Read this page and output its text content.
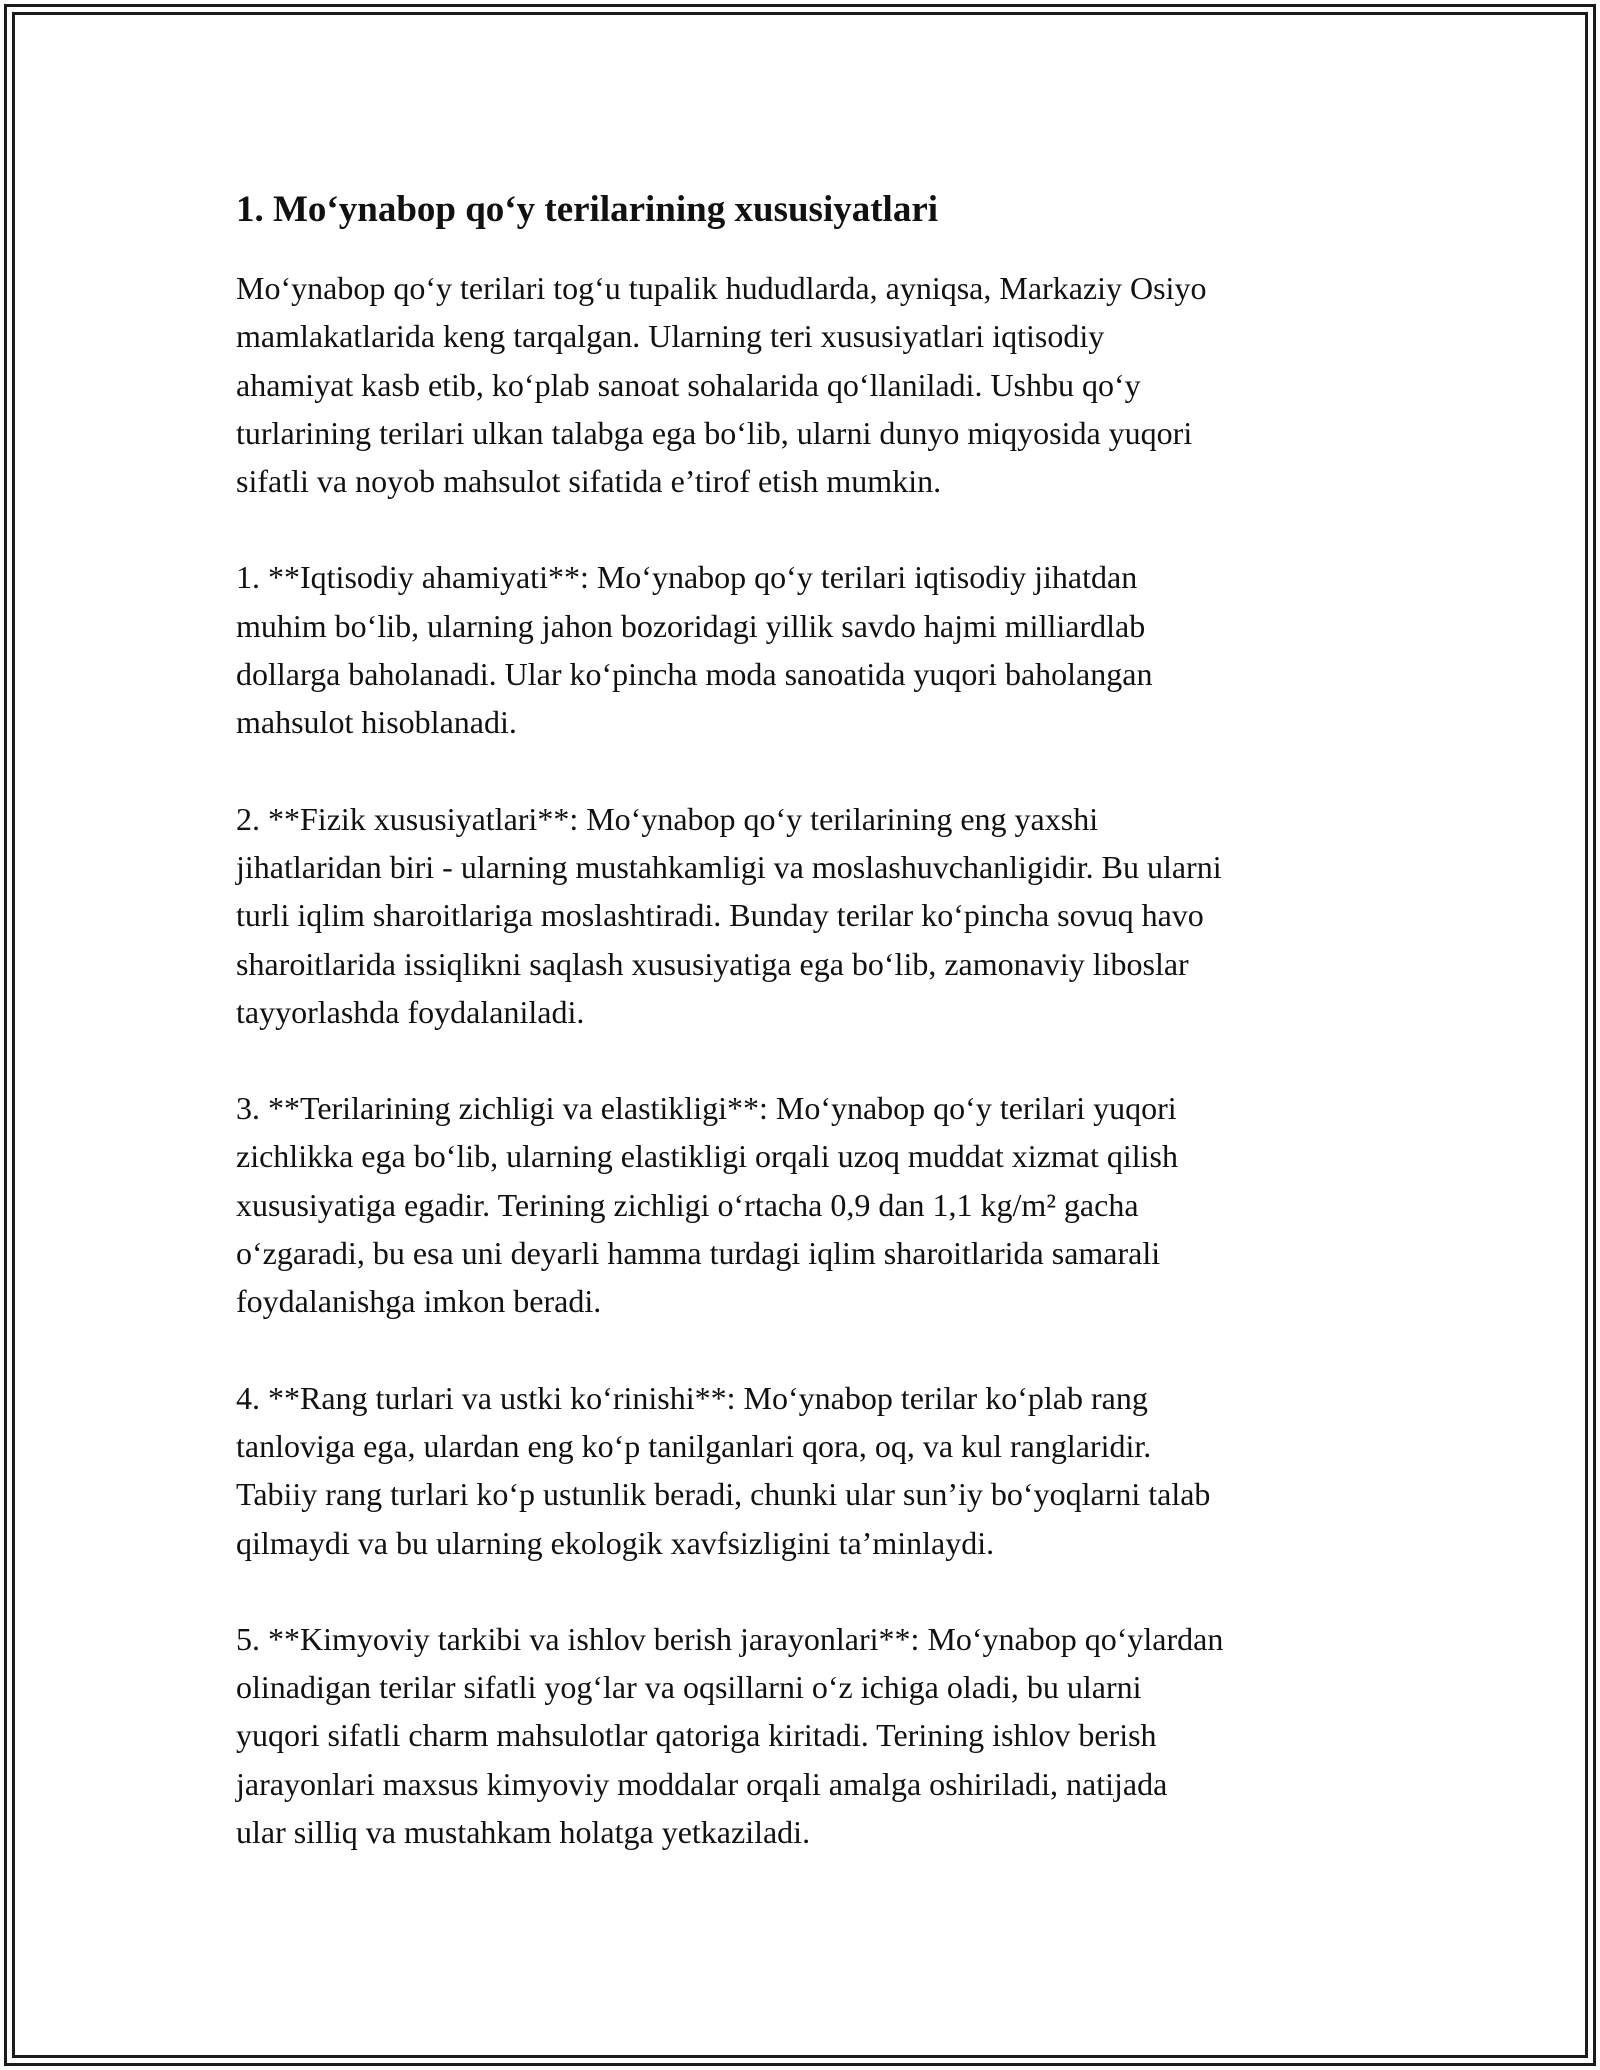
1. Mo‘ynabop qo‘y terilarining xususiyatlari

Mo‘ynabop qo‘y terilari tog‘u tupalik hududlarda, ayniqsa, Markaziy Osiyo
mamlakatlarida keng tarqalgan. Ularning teri xususiyatlari iqtisodiy
ahamiyat kasb etib, ko‘plab sanoat sohalarida qo‘llaniladi. Ushbu qo‘y
turlarining terilari ulkan talabga ega bo‘lib, ularni dunyo miqyosida yuqori
sifatli va noyob mahsulot sifatida e’tirof etish mumkin.

1. **Iqtisodiy ahamiyati**: Mo‘ynabop qo‘y terilari iqtisodiy jihatdan
muhim bo‘lib, ularning jahon bozoridagi yillik savdo hajmi milliardlab
dollarga baholanadi. Ular ko‘pincha moda sanoatida yuqori baholangan
mahsulot hisoblanadi.

2. **Fizik xususiyatlari**: Mo‘ynabop qo‘y terilarining eng yaxshi
jihatlaridan biri - ularning mustahkamligi va moslashuvchanligidir. Bu ularni
turli iqlim sharoitlariga moslashtiradi. Bunday terilar ko‘pincha sovuq havo
sharoitlarida issiqlikni saqlash xususiyatiga ega bo‘lib, zamonaviy liboslar
tayyorlashda foydalaniladi.

3. **Terilarining zichligi va elastikligi**: Mo‘ynabop qo‘y terilari yuqori
zichlikka ega bo‘lib, ularning elastikligi orqali uzoq muddat xizmat qilish
xususiyatiga egadir. Terining zichligi o‘rtacha 0,9 dan 1,1 kg/m² gacha
o‘zgaradi, bu esa uni deyarli hamma turdagi iqlim sharoitlarida samarali
foydalanishga imkon beradi.

4. **Rang turlari va ustki ko‘rinishi**: Mo‘ynabop terilar ko‘plab rang
tanloviga ega, ulardan eng ko‘p tanilganlari qora, oq, va kul ranglaridir.
Tabiiy rang turlari ko‘p ustunlik beradi, chunki ular sun’iy bo‘yoqlarni talab
qilmaydi va bu ularning ekologik xavfsizligini ta’minlaydi.

5. **Kimyoviy tarkibi va ishlov berish jarayonlari**: Mo‘ynabop qo‘ylardan
olinadigan terilar sifatli yog‘lar va oqsillarni o‘z ichiga oladi, bu ularni
yuqori sifatli charm mahsulotlar qatoriga kiritadi. Terining ishlov berish
jarayonlari maxsus kimyoviy moddalar orqali amalga oshiriladi, natijada
ular silliq va mustahkam holatga yetkaziladi.
